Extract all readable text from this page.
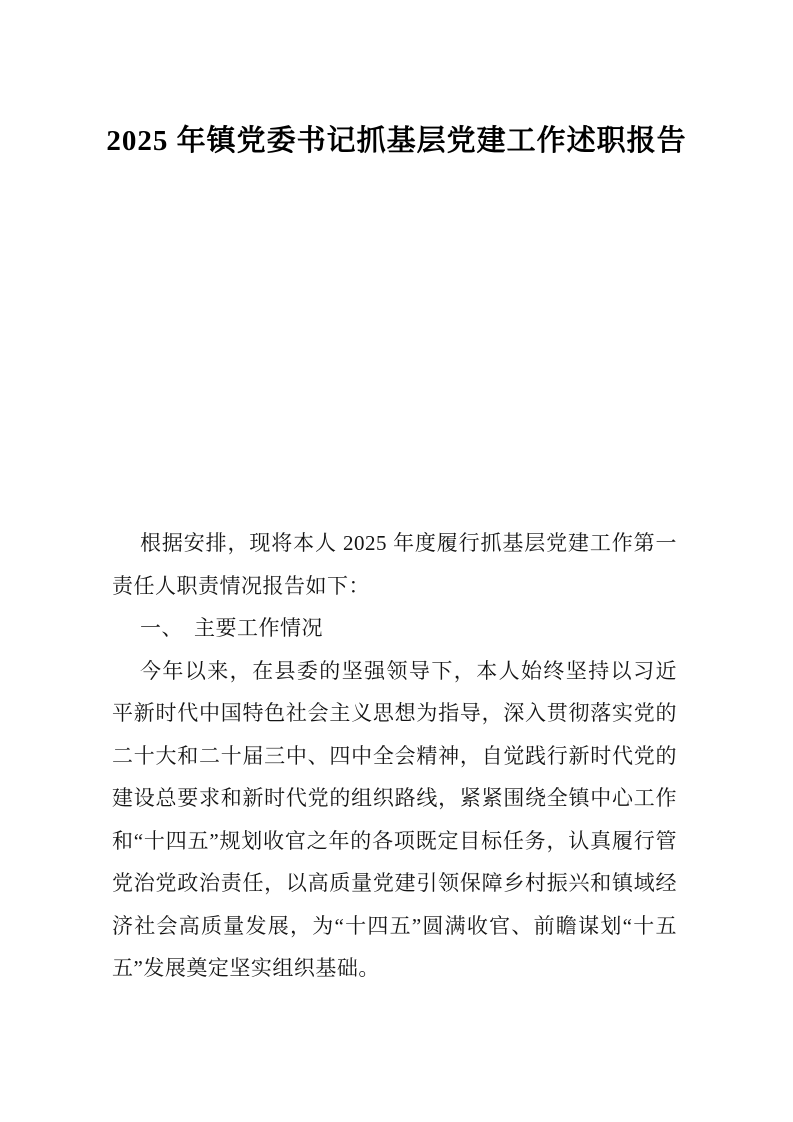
2025 年镇党委书记抓基层党建工作述职报告

根据安排，现将本人 2025 年度履行抓基层党建工作第一责任人职责情况报告如下：

一、　主要工作情况

今年以来，在县委的坚强领导下，本人始终坚持以习近平新时代中国特色社会主义思想为指导，深入贯彻落实党的二十大和二十届三中、四中全会精神，自觉践行新时代党的建设总要求和新时代党的组织路线，紧紧围绕全镇中心工作和“十四五”规划收官之年的各项既定目标任务，认真履行管党治党政治责任，以高质量党建引领保障乡村振兴和镇域经济社会高质量发展，为“十四五”圆满收官、前瞻谋划“十五五”发展奠定坚实组织基础。
